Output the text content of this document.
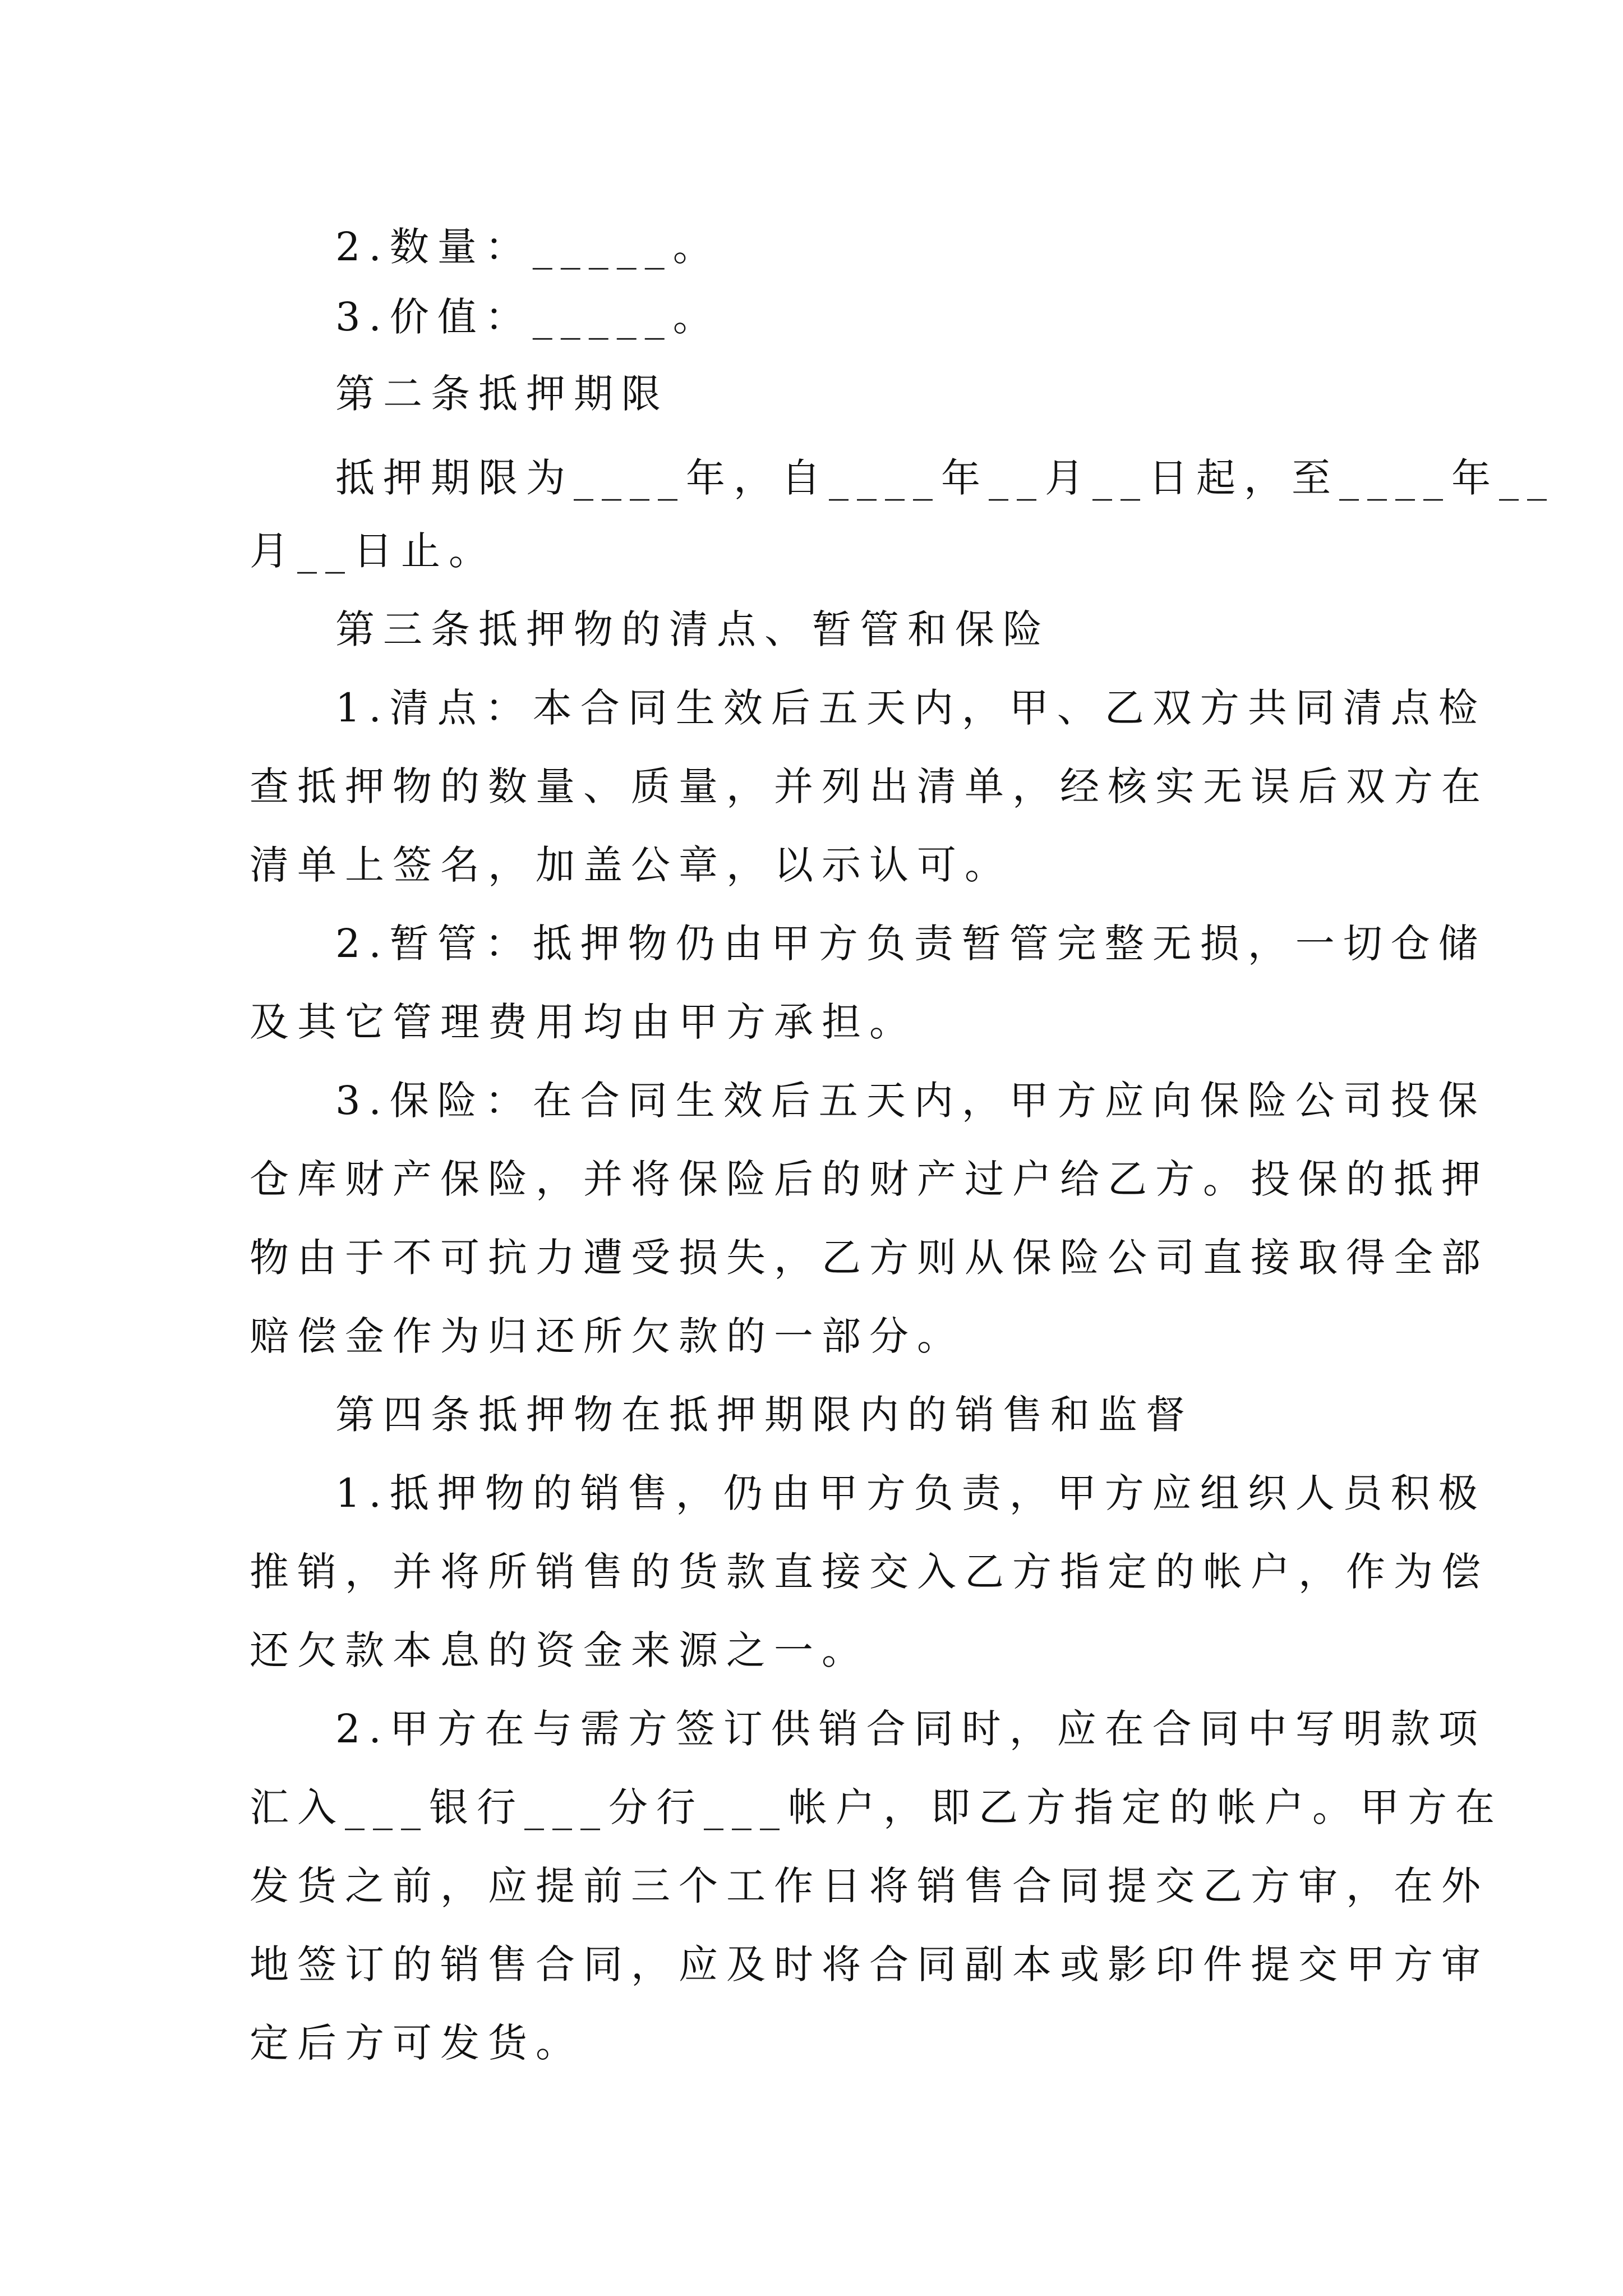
2.数量：_____。
3.价值：_____。
第二条抵押期限
抵押期限为____年，自____年__月__日起，至____年__
月__日止。
第三条抵押物的清点、暂管和保险
1.清点：本合同生效后五天内，甲、乙双方共同清点检
查抵押物的数量、质量，并列出清单，经核实无误后双方在
清单上签名，加盖公章，以示认可。
2.暂管：抵押物仍由甲方负责暂管完整无损，一切仓储
及其它管理费用均由甲方承担。
3.保险：在合同生效后五天内，甲方应向保险公司投保
仓库财产保险，并将保险后的财产过户给乙方。投保的抵押
物由于不可抗力遭受损失，乙方则从保险公司直接取得全部
赔偿金作为归还所欠款的一部分。
第四条抵押物在抵押期限内的销售和监督
1.抵押物的销售，仍由甲方负责，甲方应组织人员积极
推销，并将所销售的货款直接交入乙方指定的帐户，作为偿
还欠款本息的资金来源之一。
2.甲方在与需方签订供销合同时，应在合同中写明款项
汇入___银行___分行___帐户，即乙方指定的帐户。甲方在
发货之前，应提前三个工作日将销售合同提交乙方审，在外
地签订的销售合同，应及时将合同副本或影印件提交甲方审
定后方可发货。
